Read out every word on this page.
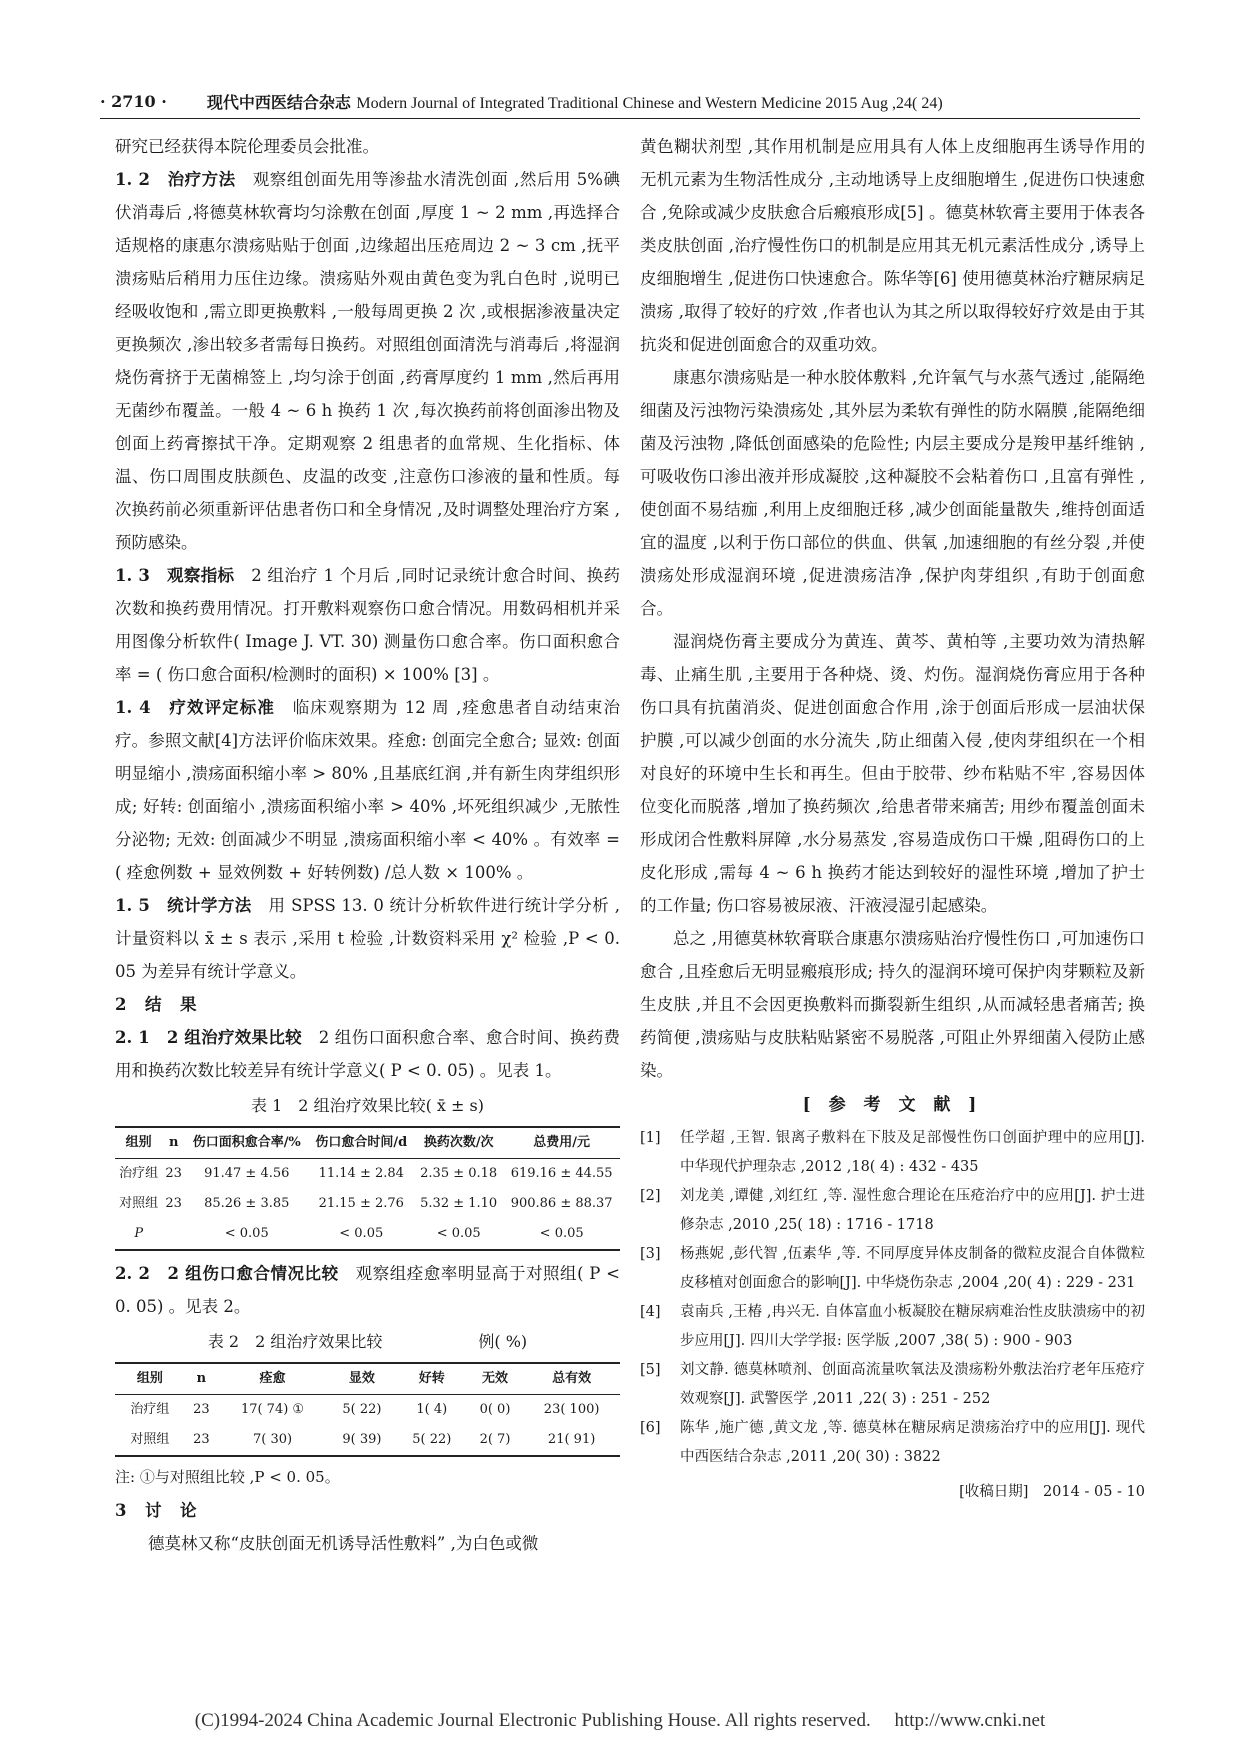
· 2710 ·	现代中西医结合杂志 Modern Journal of Integrated Traditional Chinese and Western Medicine 2015 Aug ,24( 24)

研究已经获得本院伦理委员会批准。

1. 2　治疗方法　 观察组创面先用等渗盐水清洗创面 ,然后用 5%碘伏消毒后 ,将德莫林软膏均匀涂敷在创面 ,厚度 1 ~ 2 mm ,再选择合适规格的康惠尔溃疡贴贴于创面 ,边缘超出压疮周边 2 ~ 3 cm ,抚平溃疡贴后稍用力压住边缘。溃疡贴外观由黄色变为乳白色时 ,说明已经吸收饱和 ,需立即更换敷料 ,一般每周更换 2 次 ,或根据渗液量决定更换频次 ,渗出较多者需每日换药。对照组创面清洗与消毒后 ,将湿润烧伤膏挤于无菌棉签上 ,均匀涂于创面 ,药膏厚度约 1 mm ,然后再用无菌纱布覆盖。一般 4 ~ 6 h 换药 1 次 ,每次换药前将创面渗出物及创面上药膏擦拭干净。定期观察 2 组患者的血常规、生化指标、体温、伤口周围皮肤颜色、皮温的改变 ,注意伤口渗液的量和性质。每次换药前必须重新评估患者伤口和全身情况 ,及时调整处理治疗方案 ,预防感染。

1. 3　观察指标　 2 组治疗 1 个月后 ,同时记录统计愈合时间、换药次数和换药费用情况。打开敷料观察伤口愈合情况。用数码相机并采用图像分析软件( Image J. VT. 30) 测量伤口愈合率。伤口面积愈合率 = ( 伤口愈合面积/检测时的面积) × 100% [3] 。

1. 4　疗效评定标准　 临床观察期为 12 周 ,痊愈患者自动结束治疗。参照文献[4]方法评价临床效果。痊愈: 创面完全愈合; 显效: 创面明显缩小 ,溃疡面积缩小率 > 80% ,且基底红润 ,并有新生肉芽组织形成; 好转: 创面缩小 ,溃疡面积缩小率 > 40% ,坏死组织减少 ,无脓性分泌物; 无效: 创面减少不明显 ,溃疡面积缩小率 < 40% 。有效率 = ( 痊愈例数 + 显效例数 + 好转例数) /总人数 × 100% 。

1. 5　统计学方法　 用 SPSS 13. 0 统计分析软件进行统计学分析 ,计量资料以 x̄ ± s 表示 ,采用 t 检验 ,计数资料采用 χ² 检验 ,P < 0. 05 为差异有统计学意义。

2　结　果

2. 1　2 组治疗效果比较　 2 组伤口面积愈合率、愈合时间、换药费用和换药次数比较差异有统计学意义( P < 0. 05) 。见表 1。

表 1　2 组治疗效果比较( x̄ ± s)
组别	n	伤口面积愈合率/%	伤口愈合时间/d	换药次数/次	总费用/元
治疗组	23	91.47 ± 4.56	11.14 ± 2.84	2.35 ± 0.18	619.16 ± 44.55
对照组	23	85.26 ± 3.85	21.15 ± 2.76	5.32 ± 1.10	900.86 ± 88.37
P		< 0.05	< 0.05	< 0.05	< 0.05

2. 2　2 组伤口愈合情况比较　 观察组痊愈率明显高于对照组( P < 0. 05) 。见表 2。

表 2　2 组治疗效果比较　　　　　　例( %)
组别	n	痊愈	显效	好转	无效	总有效
治疗组	23	17( 74) ①	5( 22)	1( 4)	0( 0)	23( 100)
对照组	23	7( 30)	9( 39)	5( 22)	2( 7)	21( 91)

注: ①与对照组比较 ,P < 0. 05。

3　讨　论

德莫林又称“皮肤创面无机诱导活性敷料” ,为白色或微

黄色糊状剂型 ,其作用机制是应用具有人体上皮细胞再生诱导作用的无机元素为生物活性成分 ,主动地诱导上皮细胞增生 ,促进伤口快速愈合 ,免除或减少皮肤愈合后瘢痕形成[5] 。德莫林软膏主要用于体表各类皮肤创面 ,治疗慢性伤口的机制是应用其无机元素活性成分 ,诱导上皮细胞增生 ,促进伤口快速愈合。陈华等[6] 使用德莫林治疗糖尿病足溃疡 ,取得了较好的疗效 ,作者也认为其之所以取得较好疗效是由于其抗炎和促进创面愈合的双重功效。

康惠尔溃疡贴是一种水胶体敷料 ,允许氧气与水蒸气透过 ,能隔绝细菌及污浊物污染溃疡处 ,其外层为柔软有弹性的防水隔膜 ,能隔绝细菌及污浊物 ,降低创面感染的危险性; 内层主要成分是羧甲基纤维钠 ,可吸收伤口渗出液并形成凝胶 ,这种凝胶不会粘着伤口 ,且富有弹性 ,使创面不易结痂 ,利用上皮细胞迁移 ,减少创面能量散失 ,维持创面适宜的温度 ,以利于伤口部位的供血、供氧 ,加速细胞的有丝分裂 ,并使溃疡处形成湿润环境 ,促进溃疡洁净 ,保护肉芽组织 ,有助于创面愈合。

湿润烧伤膏主要成分为黄连、黄芩、黄柏等 ,主要功效为清热解毒、止痛生肌 ,主要用于各种烧、烫、灼伤。湿润烧伤膏应用于各种伤口具有抗菌消炎、促进创面愈合作用 ,涂于创面后形成一层油状保护膜 ,可以减少创面的水分流失 ,防止细菌入侵 ,使肉芽组织在一个相对良好的环境中生长和再生。但由于胶带、纱布粘贴不牢 ,容易因体位变化而脱落 ,增加了换药频次 ,给患者带来痛苦; 用纱布覆盖创面未形成闭合性敷料屏障 ,水分易蒸发 ,容易造成伤口干燥 ,阻碍伤口的上皮化形成 ,需每 4 ~ 6 h 换药才能达到较好的湿性环境 ,增加了护士的工作量; 伤口容易被尿液、汗液浸湿引起感染。

总之 ,用德莫林软膏联合康惠尔溃疡贴治疗慢性伤口 ,可加速伤口愈合 ,且痊愈后无明显瘢痕形成; 持久的湿润环境可保护肉芽颗粒及新生皮肤 ,并且不会因更换敷料而撕裂新生组织 ,从而减轻患者痛苦; 换药简便 ,溃疡贴与皮肤粘贴紧密不易脱落 ,可阻止外界细菌入侵防止感染。

[ 参 考 文 献 ]
[1]	任学超 ,王智. 银离子敷料在下肢及足部慢性伤口创面护理中的应用[J]. 中华现代护理杂志 ,2012 ,18( 4) : 432 - 435
[2]	刘龙美 ,谭健 ,刘红红 ,等. 湿性愈合理论在压疮治疗中的应用[J]. 护士进修杂志 ,2010 ,25( 18) : 1716 - 1718
[3]	杨燕妮 ,彭代智 ,伍素华 ,等. 不同厚度异体皮制备的微粒皮混合自体微粒皮移植对创面愈合的影响[J]. 中华烧伤杂志 ,2004 ,20( 4) : 229 - 231
[4]	袁南兵 ,王椿 ,冉兴无. 自体富血小板凝胶在糖尿病难治性皮肤溃疡中的初步应用[J]. 四川大学学报: 医学版 ,2007 ,38( 5) : 900 - 903
[5]	刘文静. 德莫林喷剂、创面高流量吹氧法及溃疡粉外敷法治疗老年压疮疗效观察[J]. 武警医学 ,2011 ,22( 3) : 251 - 252
[6]	陈华 ,施广德 ,黄文龙 ,等. 德莫林在糖尿病足溃疡治疗中的应用[J]. 现代中西医结合杂志 ,2011 ,20( 30) : 3822
[收稿日期]　2014 - 05 - 10
(C)1994-2024 China Academic Journal Electronic Publishing House. All rights reserved.　 http://www.cnki.net
